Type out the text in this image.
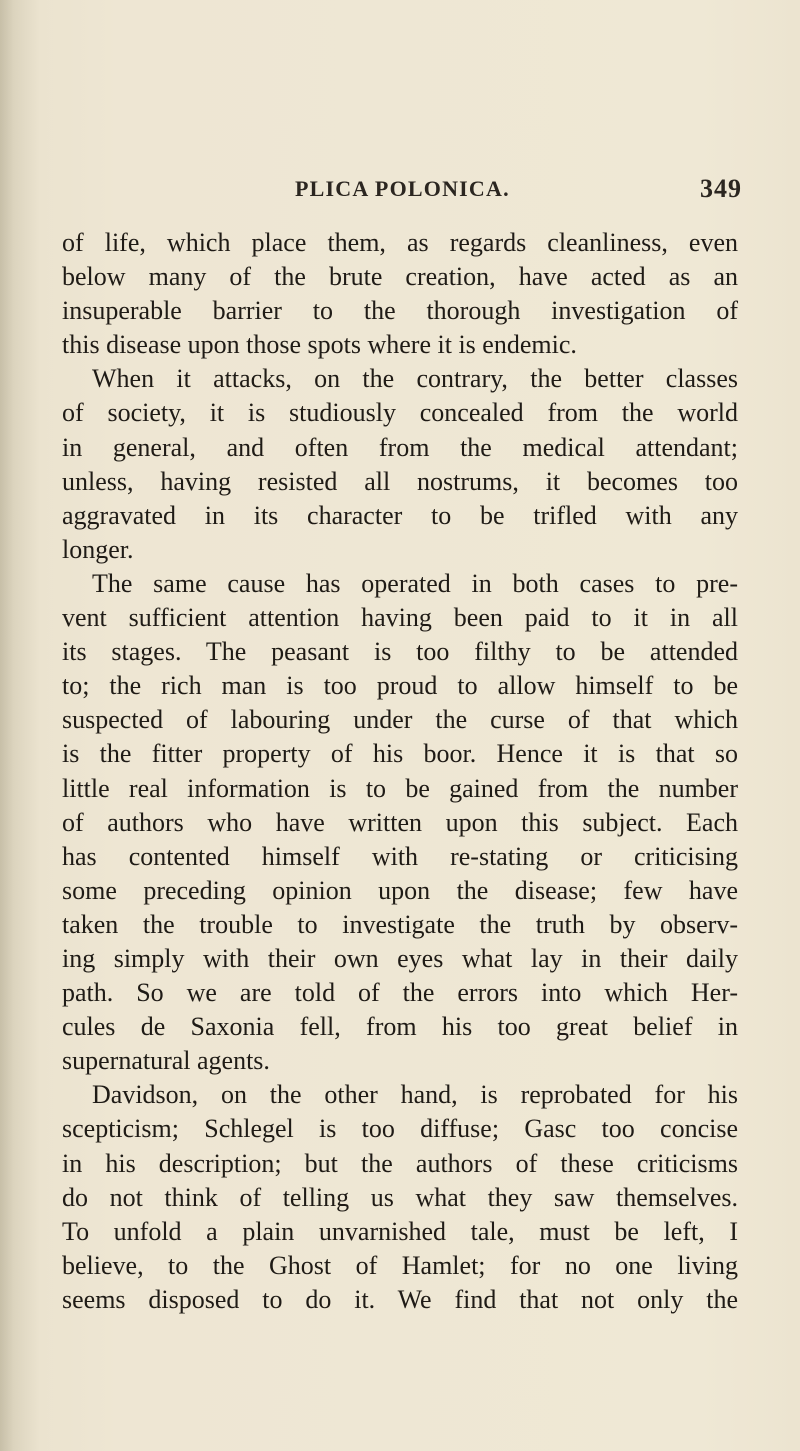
PLICA POLONICA.	349
of life, which place them, as regards cleanliness, even
below many of the brute creation, have acted as an
insuperable barrier to the thorough investigation of
this disease upon those spots where it is endemic.
When it attacks, on the contrary, the better classes
of society, it is studiously concealed from the world
in general, and often from the medical attendant;
unless, having resisted all nostrums, it becomes too
aggravated in its character to be trifled with any
longer.
The same cause has operated in both cases to pre-
vent sufficient attention having been paid to it in all
its stages. The peasant is too filthy to be attended
to; the rich man is too proud to allow himself to be
suspected of labouring under the curse of that which
is the fitter property of his boor. Hence it is that so
little real information is to be gained from the number
of authors who have written upon this subject. Each
has contented himself with re-stating or criticising
some preceding opinion upon the disease; few have
taken the trouble to investigate the truth by observ-
ing simply with their own eyes what lay in their daily
path. So we are told of the errors into which Her-
cules de Saxonia fell, from his too great belief in
supernatural agents.
Davidson, on the other hand, is reprobated for his
scepticism; Schlegel is too diffuse; Gasc too concise
in his description; but the authors of these criticisms
do not think of telling us what they saw themselves.
To unfold a plain unvarnished tale, must be left, I
believe, to the Ghost of Hamlet; for no one living
seems disposed to do it. We find that not only the
